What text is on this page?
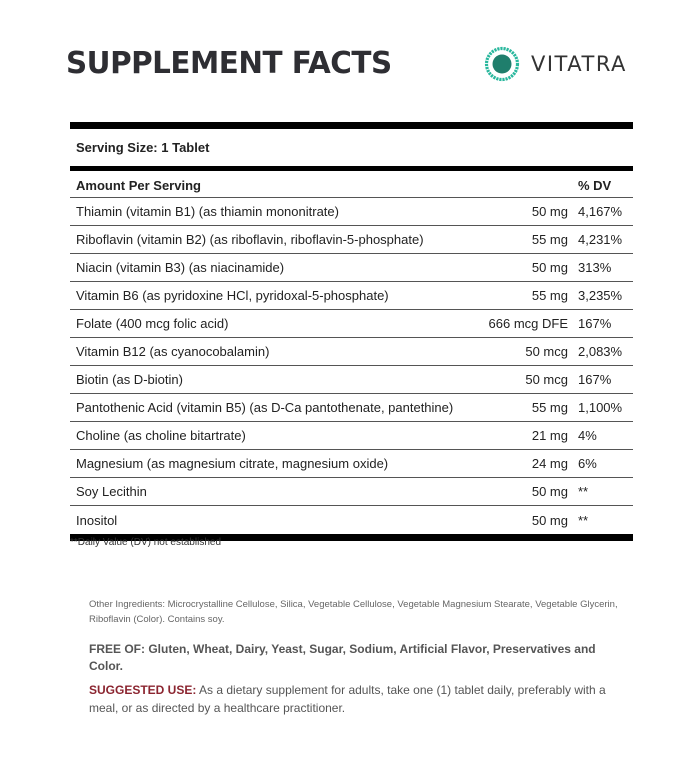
SUPPLEMENT FACTS	VITATRA
Serving Size: 1 Tablet
Amount Per Serving	% DV
Thiamin (vitamin B1) (as thiamin mononitrate)	50 mg 4,167%
Riboflavin (vitamin B2) (as riboflavin, riboflavin-5-phosphate)	55 mg 4,231%
Niacin (vitamin B3) (as niacinamide)	50 mg 313%
Vitamin B6 (as pyridoxine HCl, pyridoxal-5-phosphate)	55 mg 3,235%
Folate (400 mcg folic acid)	666 mcg DFE 167%
Vitamin B12 (as cyanocobalamin)	50 mcg 2,083%
Biotin (as D-biotin)	50 mcg 167%
Pantothenic Acid (vitamin B5) (as D-Ca pantothenate, pantethine)	55 mg 1,100%
Choline (as choline bitartrate)	21 mg 4%
Magnesium (as magnesium citrate, magnesium oxide)	24 mg 6%
Soy Lecithin	50 mg **
Inositol	50 mg **
**Daily Value (DV) not established
Other Ingredients: Microcrystalline Cellulose, Silica, Vegetable Cellulose, Vegetable Magnesium Stearate, Vegetable Glycerin, Riboflavin (Color). Contains soy.
FREE OF: Gluten, Wheat, Dairy, Yeast, Sugar, Sodium, Artificial Flavor, Preservatives and Color.
SUGGESTED USE: As a dietary supplement for adults, take one (1) tablet daily, preferably with a meal, or as directed by a healthcare practitioner.
